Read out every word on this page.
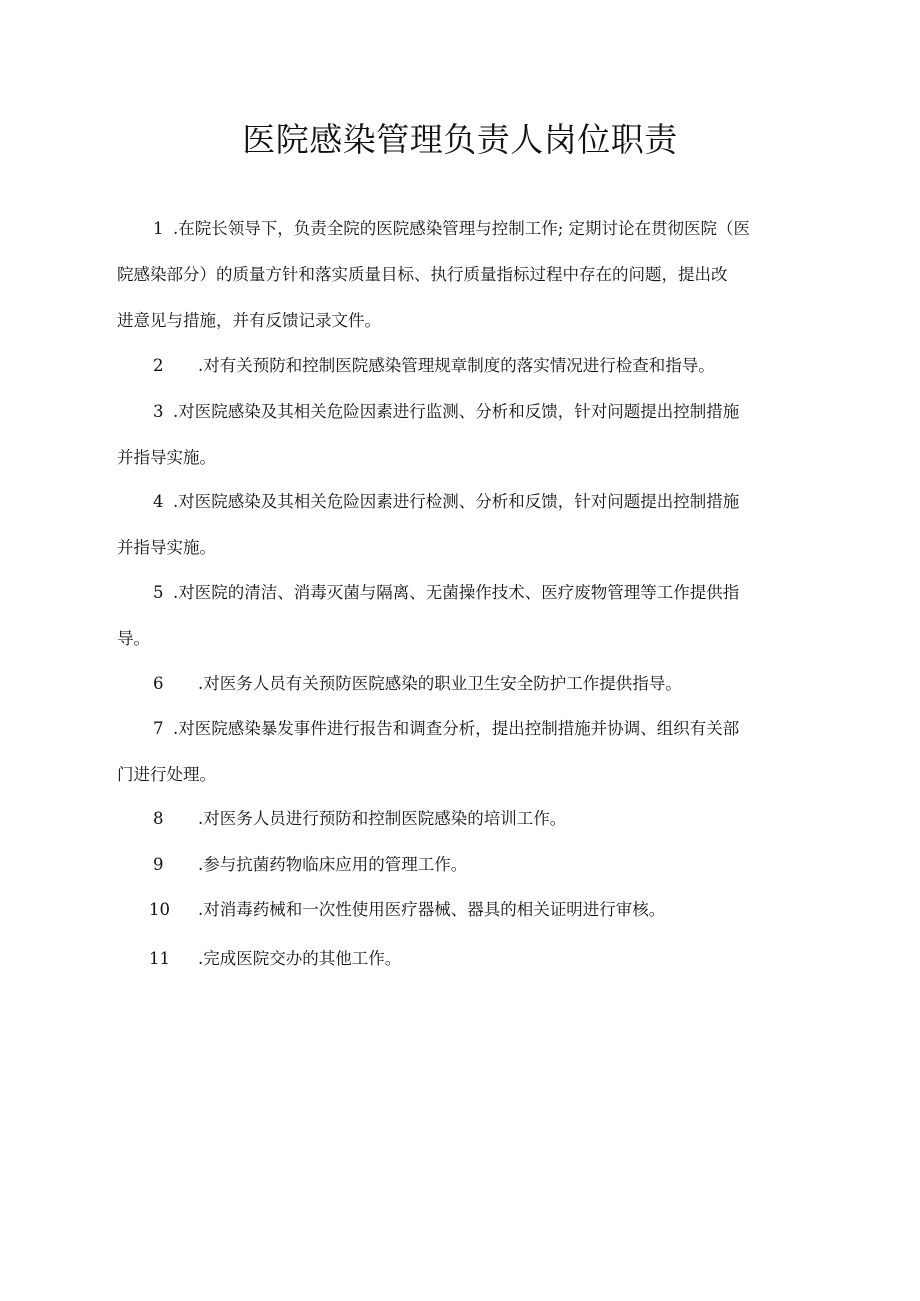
医院感染管理负责人岗位职责
1 .在院长领导下，负责全院的医院感染管理与控制工作; 定期讨论在贯彻医院（医
院感染部分）的质量方针和落实质量目标、执行质量指标过程中存在的问题，提出改
进意见与措施，并有反馈记录文件。
2 .对有关预防和控制医院感染管理规章制度的落实情况进行检查和指导。
3 .对医院感染及其相关危险因素进行监测、分析和反馈，针对问题提出控制措施
并指导实施。
4 .对医院感染及其相关危险因素进行检测、分析和反馈，针对问题提出控制措施
并指导实施。
5 .对医院的清洁、消毒灭菌与隔离、无菌操作技术、医疗废物管理等工作提供指
导。
6 .对医务人员有关预防医院感染的职业卫生安全防护工作提供指导。
7 .对医院感染暴发事件进行报告和调查分析，提出控制措施并协调、组织有关部
门进行处理。
8 .对医务人员进行预防和控制医院感染的培训工作。
9 .参与抗菌药物临床应用的管理工作。
10 .对消毒药械和一次性使用医疗器械、器具的相关证明进行审核。
11 .完成医院交办的其他工作。
